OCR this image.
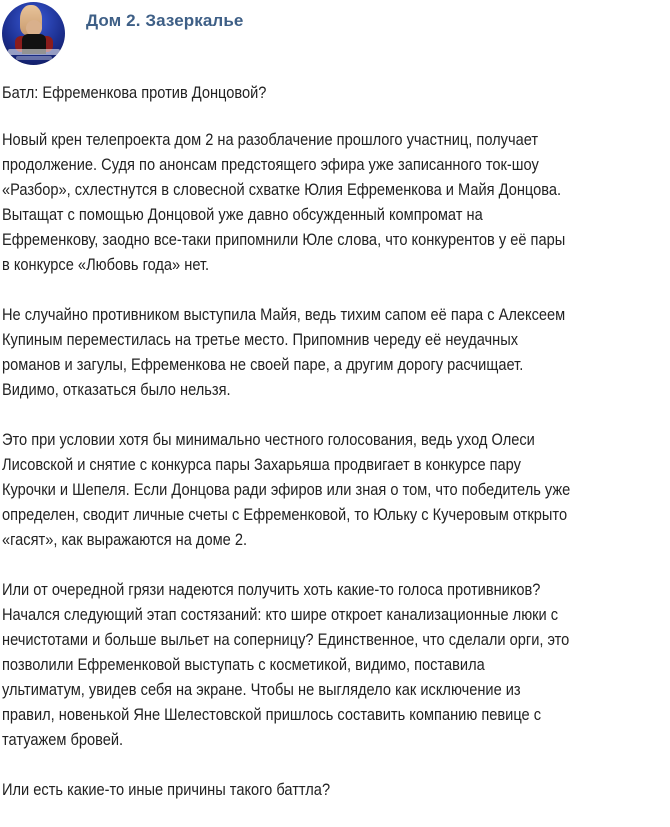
Дом 2. Зазеркалье

Батл: Ефременкова против Донцовой?

Новый крен телепроекта дом 2 на разоблачение прошлого участниц, получает
продолжение. Судя по анонсам предстоящего эфира уже записанного ток-шоу
«Разбор», схлестнутся в словесной схватке Юлия Ефременкова и Майя Донцова.
Вытащат с помощью Донцовой уже давно обсужденный компромат на
Ефременкову, заодно все-таки припомнили Юле слова, что конкурентов у её пары
в конкурсе «Любовь года» нет.

Не случайно противником выступила Майя, ведь тихим сапом её пара с Алексеем
Купиным переместилась на третье место. Припомнив череду её неудачных
романов и загулы, Ефременкова не своей паре, а другим дорогу расчищает.
Видимо, отказаться было нельзя.

Это при условии хотя бы минимально честного голосования, ведь уход Олеси
Лисовской и снятие с конкурса пары Захарьяша продвигает в конкурсе пару
Курочки и Шепеля. Если Донцова ради эфиров или зная о том, что победитель уже
определен, сводит личные счеты с Ефременковой, то Юльку с Кучеровым открыто
«гасят», как выражаются на доме 2.

Или от очередной грязи надеются получить хоть какие-то голоса противников?
Начался следующий этап состязаний: кто шире откроет канализационные люки с
нечистотами и больше выльет на соперницу? Единственное, что сделали орги, это
позволили Ефременковой выступать с косметикой, видимо, поставила
ультиматум, увидев себя на экране. Чтобы не выглядело как исключение из
правил, новенькой Яне Шелестовской пришлось составить компанию певице с
татуажем бровей.

Или есть какие-то иные причины такого баттла?
